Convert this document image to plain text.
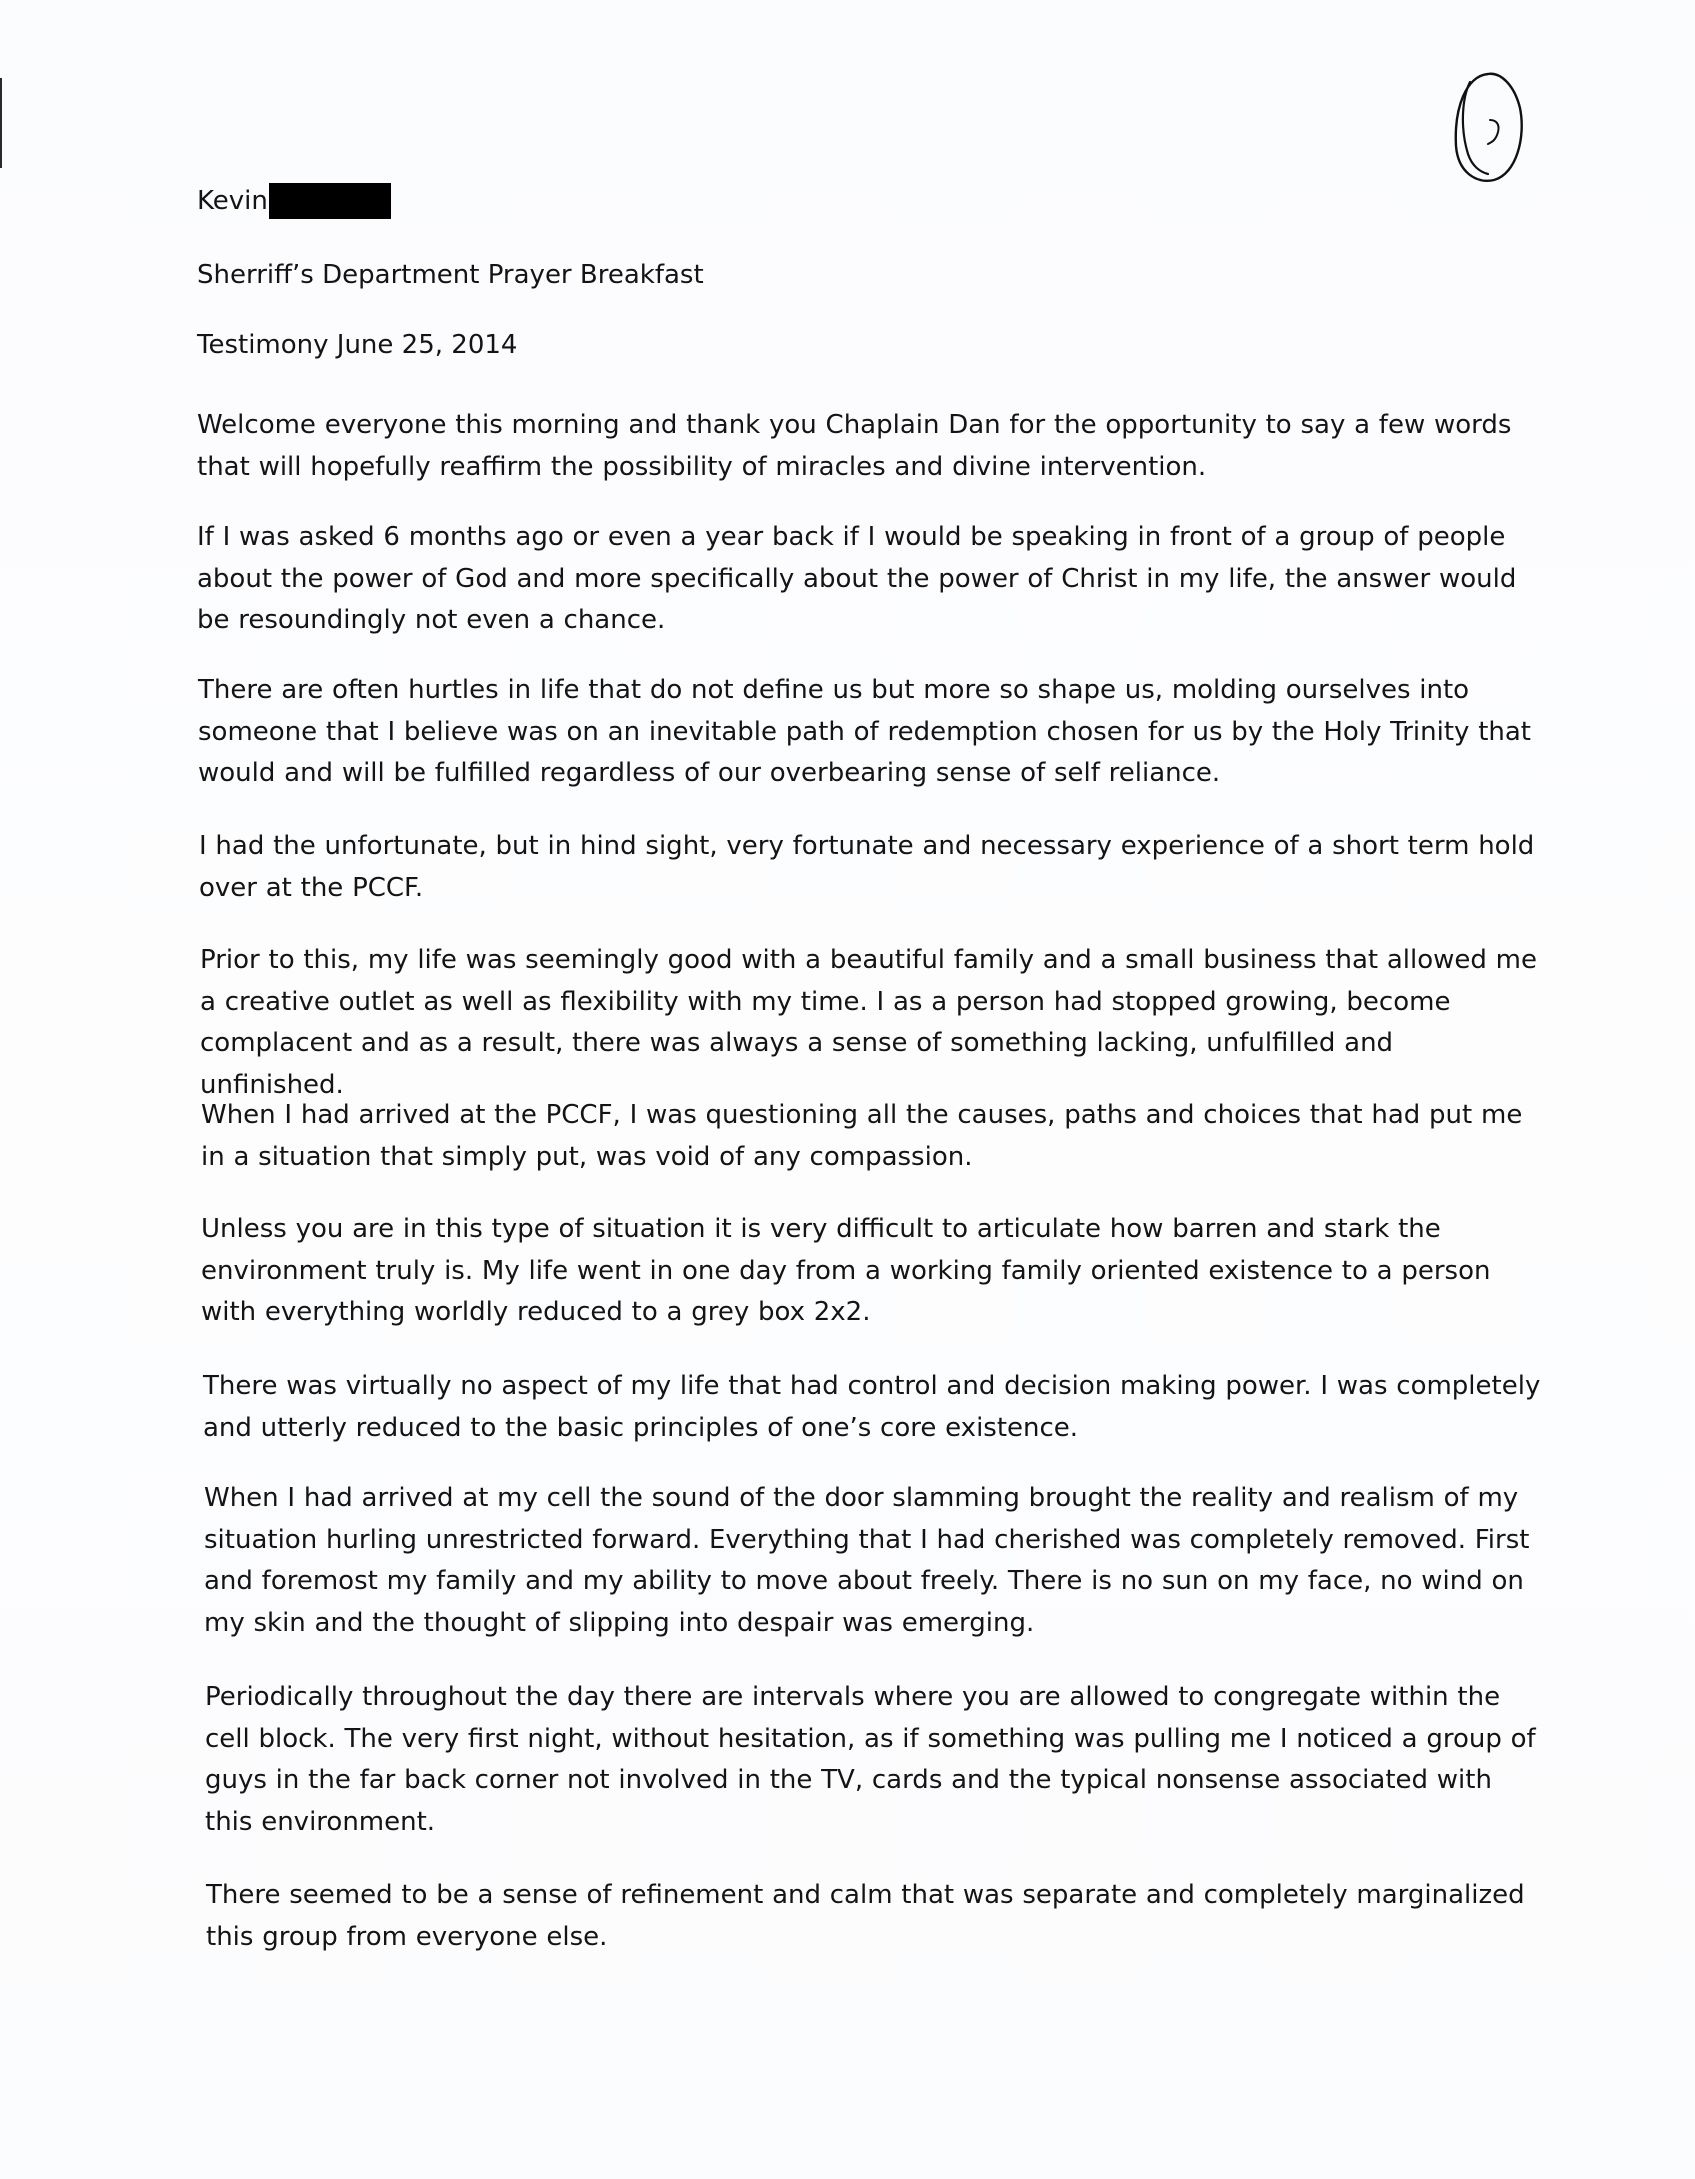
Kevin
Sherriff’s Department Prayer Breakfast
Testimony June 25, 2014
Welcome everyone this morning and thank you Chaplain Dan for the opportunity to say a few words that will hopefully reaffirm the possibility of miracles and divine intervention.
If I was asked 6 months ago or even a year back if I would be speaking in front of a group of people about the power of God and more specifically about the power of Christ in my life, the answer would be resoundingly not even a chance.
There are often hurtles in life that do not define us but more so shape us, molding ourselves into someone that I believe was on an inevitable path of redemption chosen for us by the Holy Trinity that would and will be fulfilled regardless of our overbearing sense of self reliance.
I had the unfortunate, but in hind sight, very fortunate and necessary experience of a short term hold over at the PCCF.
Prior to this, my life was seemingly good with a beautiful family and a small business that allowed me a creative outlet as well as flexibility with my time. I as a person had stopped growing, become complacent and as a result, there was always a sense of something lacking, unfulfilled and unfinished.
When I had arrived at the PCCF, I was questioning all the causes, paths and choices that had put me in a situation that simply put, was void of any compassion.
Unless you are in this type of situation it is very difficult to articulate how barren and stark the environment truly is. My life went in one day from a working family oriented existence to a person with everything worldly reduced to a grey box 2x2.
There was virtually no aspect of my life that had control and decision making power. I was completely and utterly reduced to the basic principles of one’s core existence.
When I had arrived at my cell the sound of the door slamming brought the reality and realism of my situation hurling unrestricted forward. Everything that I had cherished was completely removed. First and foremost my family and my ability to move about freely. There is no sun on my face, no wind on my skin and the thought of slipping into despair was emerging.
Periodically throughout the day there are intervals where you are allowed to congregate within the cell block. The very first night, without hesitation, as if something was pulling me I noticed a group of guys in the far back corner not involved in the TV, cards and the typical nonsense associated with this environment.
There seemed to be a sense of refinement and calm that was separate and completely marginalized this group from everyone else.
